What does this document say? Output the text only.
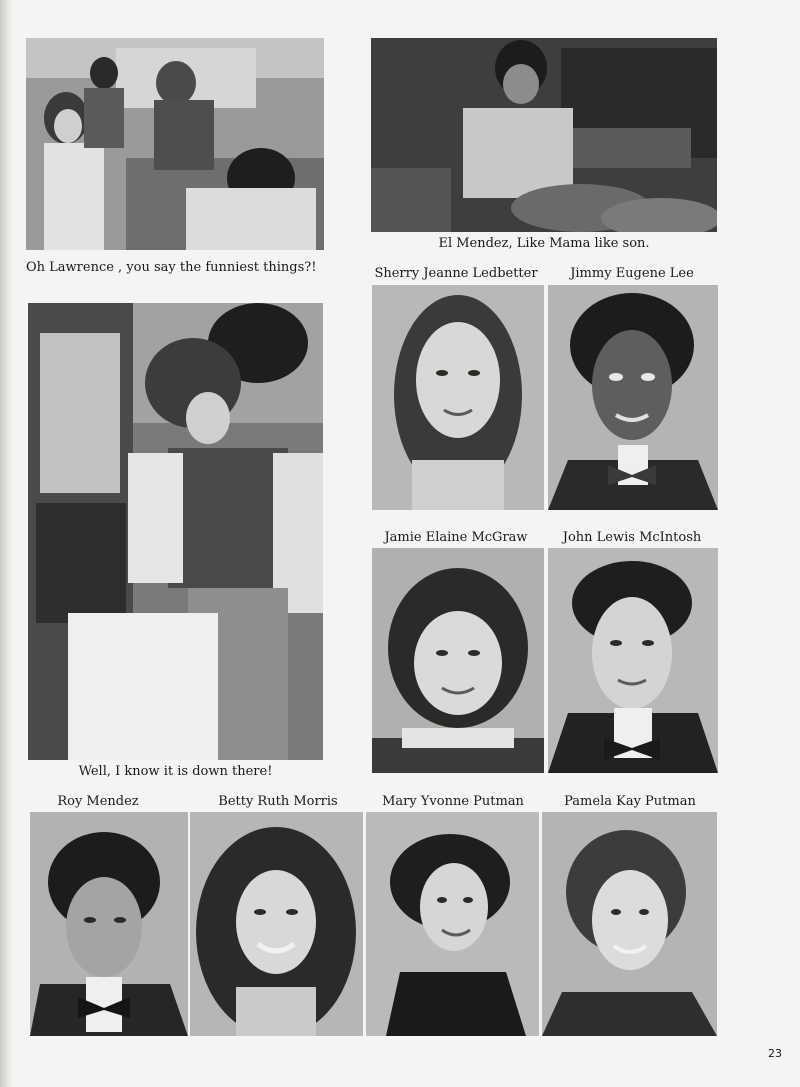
Oh Lawrence , you say the funniest things?!
El Mendez, Like Mama like son.
Well, I know it is down there!
Sherry Jeanne Ledbetter	Jimmy Eugene Lee
Jamie Elaine McGraw	John Lewis McIntosh
Roy Mendez	Betty Ruth Morris	Mary Yvonne Putman	Pamela Kay Putman
23
